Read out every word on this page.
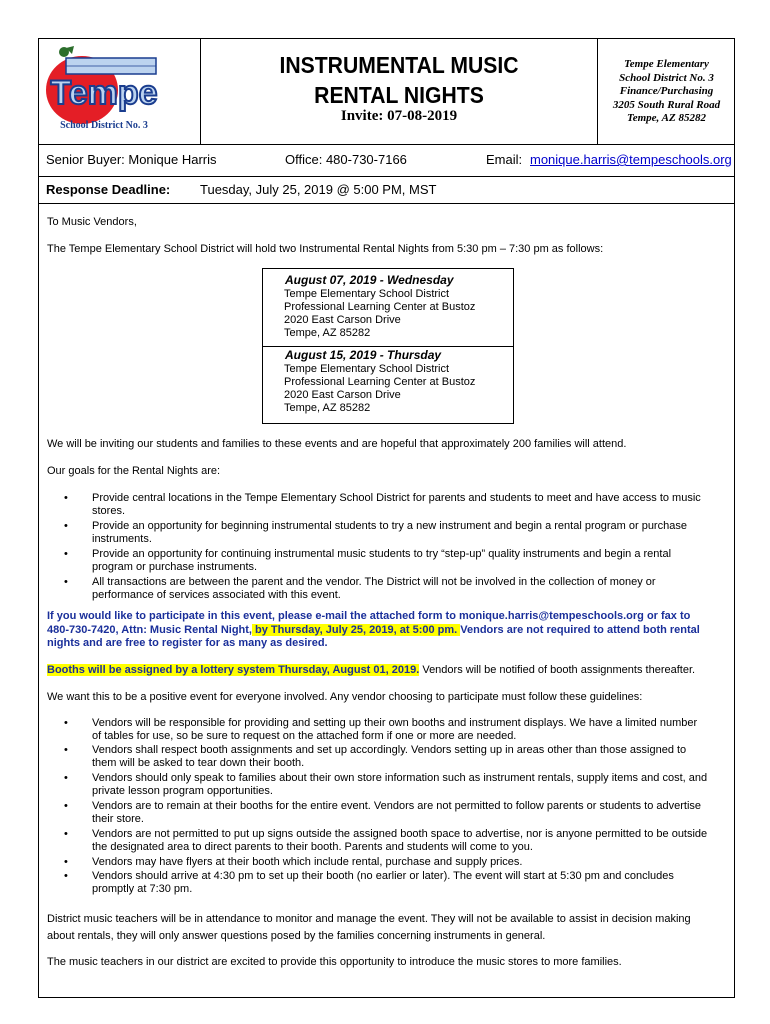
Tempe
School District No. 3
INSTRUMENTAL MUSIC
RENTAL NIGHTS
Invite: 07-08-2019
Tempe Elementary
School District No. 3
Finance/Purchasing
3205 South Rural Road
Tempe, AZ 85282
Senior Buyer: Monique Harris	Office: 480-730-7166	Email: monique.harris@tempeschools.org
Response Deadline: Tuesday, July 25, 2019 @ 5:00 PM, MST
To Music Vendors,
The Tempe Elementary School District will hold two Instrumental Rental Nights from 5:30 pm – 7:30 pm as follows:
August 07, 2019 - Wednesday
Tempe Elementary School District
Professional Learning Center at Bustoz
2020 East Carson Drive
Tempe, AZ 85282
August 15, 2019 - Thursday
Tempe Elementary School District
Professional Learning Center at Bustoz
2020 East Carson Drive
Tempe, AZ 85282
We will be inviting our students and families to these events and are hopeful that approximately 200 families will attend.
Our goals for the Rental Nights are:
• Provide central locations in the Tempe Elementary School District for parents and students to meet and have access to music
stores.
• Provide an opportunity for beginning instrumental students to try a new instrument and begin a rental program or purchase
instruments.
• Provide an opportunity for continuing instrumental music students to try “step-up” quality instruments and begin a rental
program or purchase instruments.
• All transactions are between the parent and the vendor. The District will not be involved in the collection of money or
performance of services associated with this event.
If you would like to participate in this event, please e-mail the attached form to monique.harris@tempeschools.org or fax to
480-730-7420, Attn: Music Rental Night, by Thursday, July 25, 2019, at 5:00 pm. Vendors are not required to attend both rental
nights and are free to register for as many as desired.
Booths will be assigned by a lottery system Thursday, August 01, 2019. Vendors will be notified of booth assignments thereafter.
We want this to be a positive event for everyone involved. Any vendor choosing to participate must follow these guidelines:
• Vendors will be responsible for providing and setting up their own booths and instrument displays. We have a limited number
of tables for use, so be sure to request on the attached form if one or more are needed.
• Vendors shall respect booth assignments and set up accordingly. Vendors setting up in areas other than those assigned to
them will be asked to tear down their booth.
• Vendors should only speak to families about their own store information such as instrument rentals, supply items and cost, and
private lesson program opportunities.
• Vendors are to remain at their booths for the entire event. Vendors are not permitted to follow parents or students to advertise
their store.
• Vendors are not permitted to put up signs outside the assigned booth space to advertise, nor is anyone permitted to be outside
the designated area to direct parents to their booth. Parents and students will come to you.
• Vendors may have flyers at their booth which include rental, purchase and supply prices.
• Vendors should arrive at 4:30 pm to set up their booth (no earlier or later). The event will start at 5:30 pm and concludes
promptly at 7:30 pm.
District music teachers will be in attendance to monitor and manage the event. They will not be available to assist in decision making
about rentals, they will only answer questions posed by the families concerning instruments in general.
The music teachers in our district are excited to provide this opportunity to introduce the music stores to more families.
